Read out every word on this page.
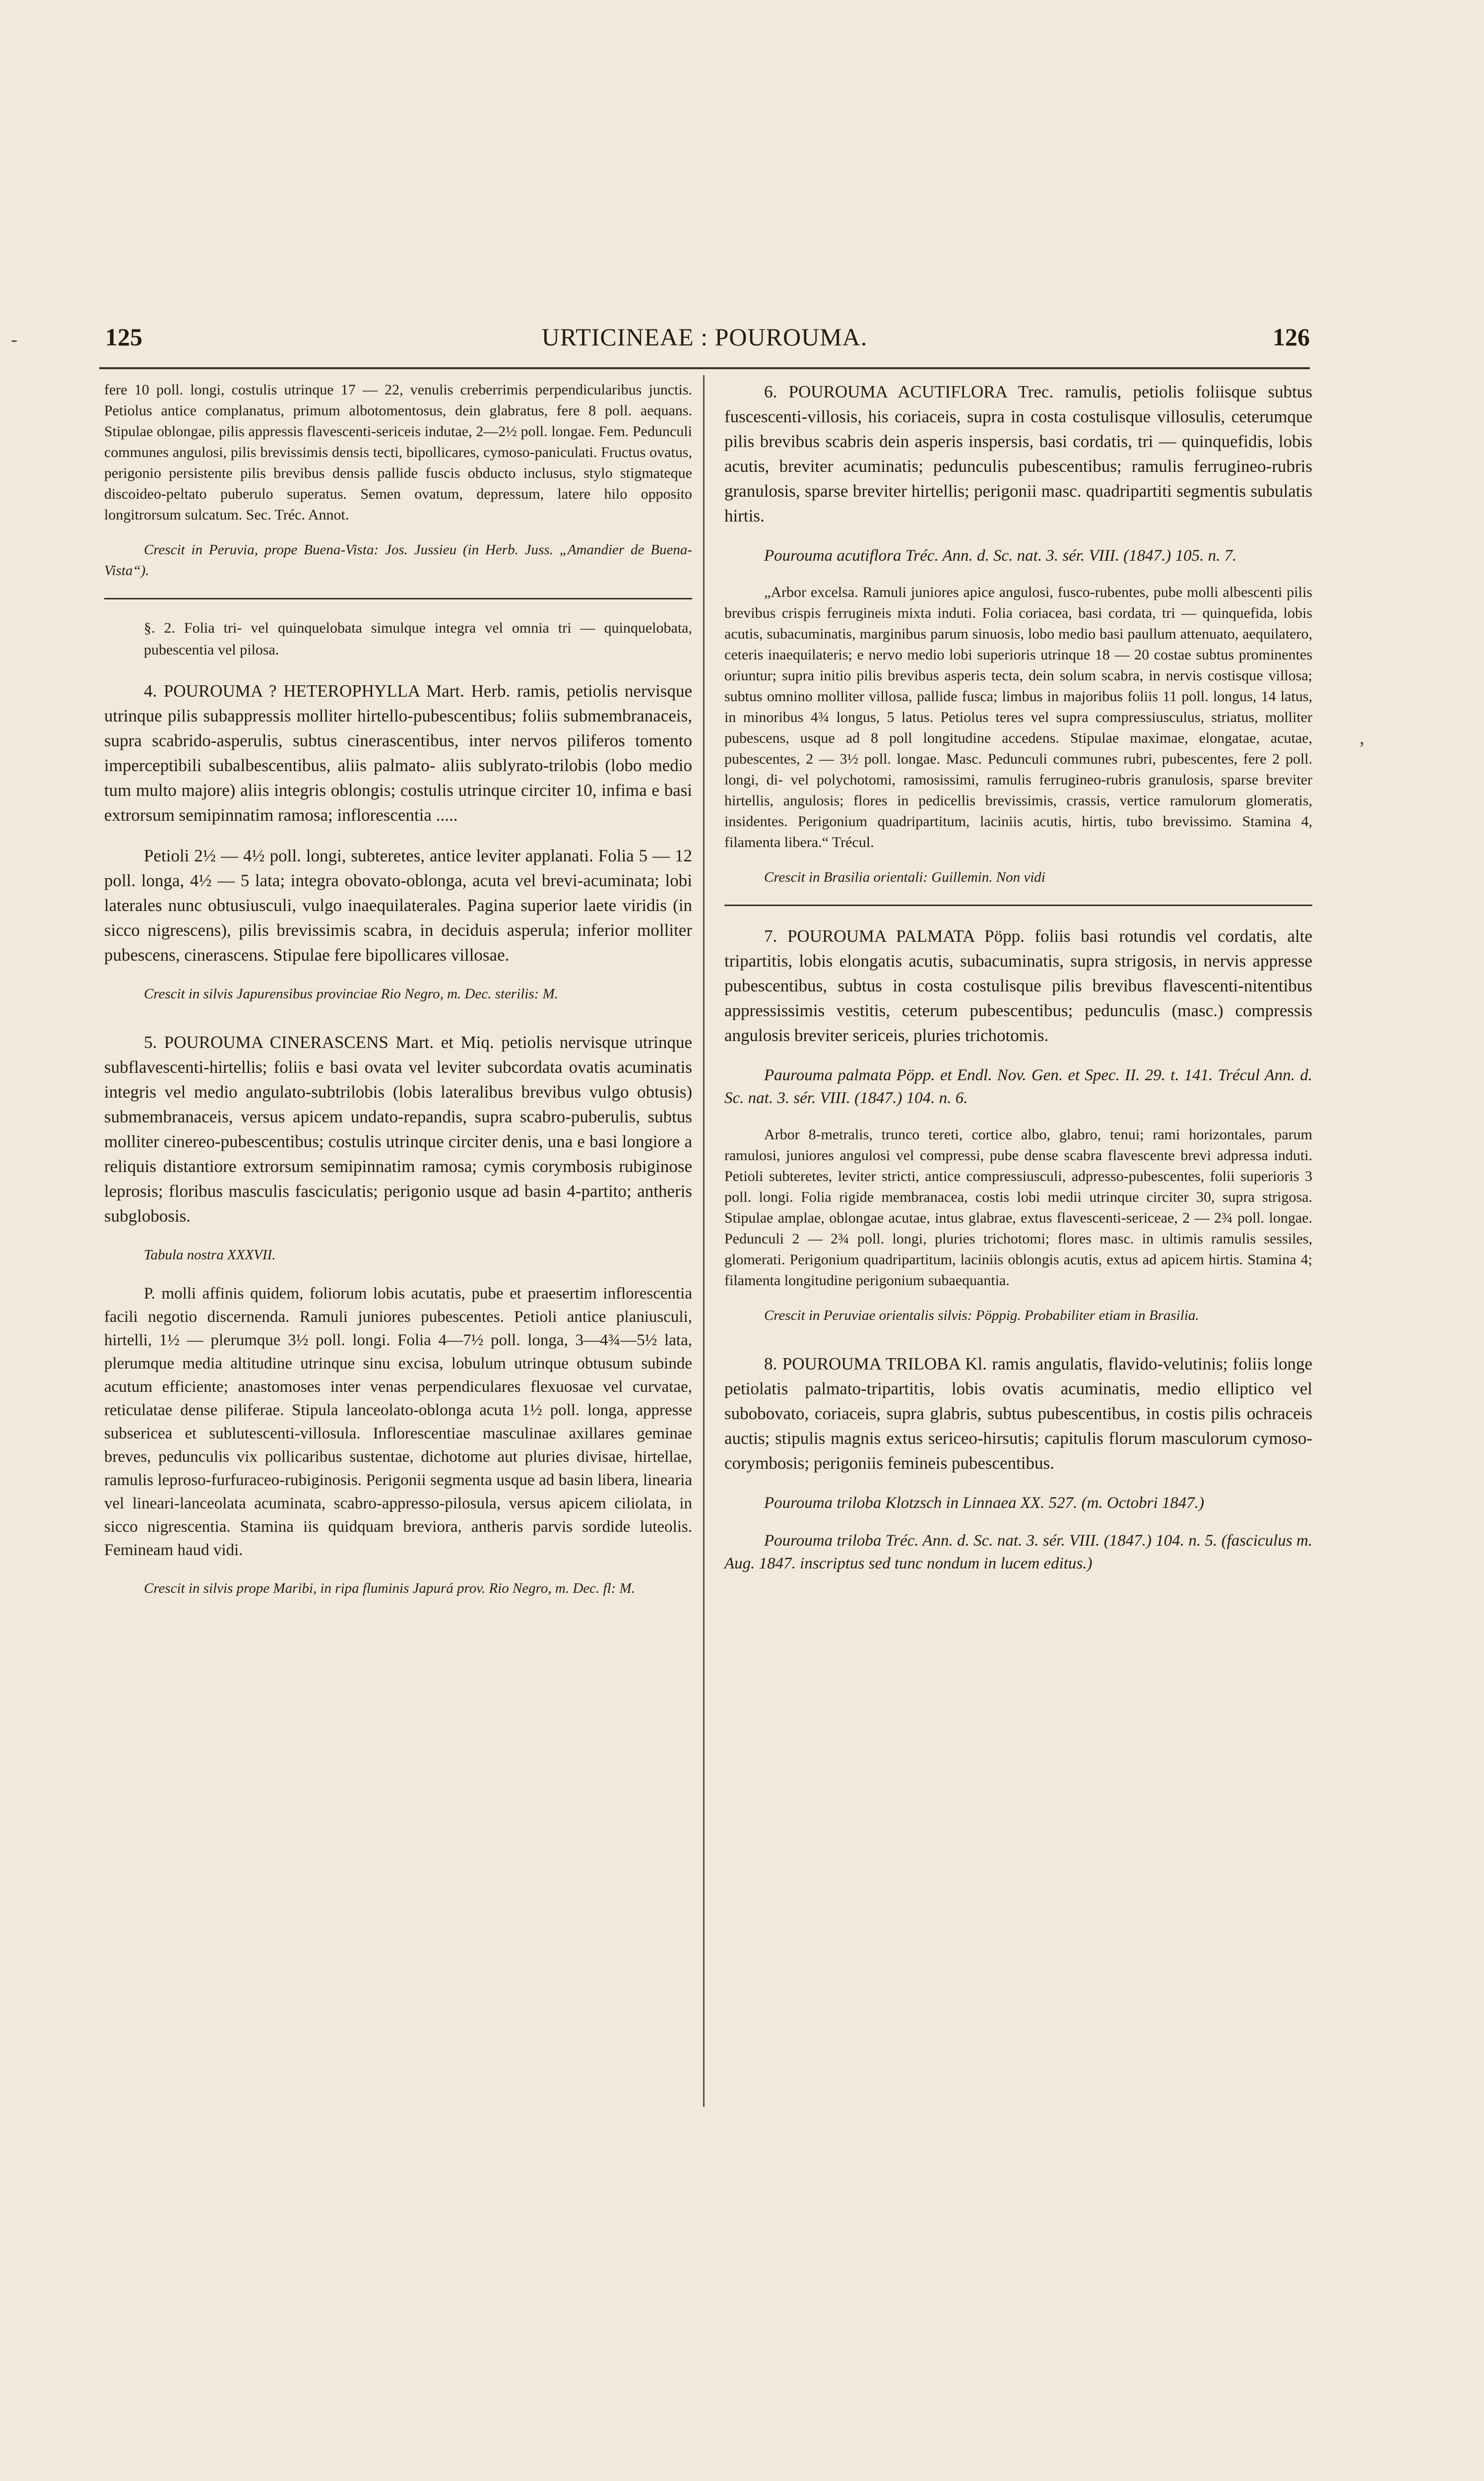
125	URTICINEAE : POUROUMA.	126
-
‚

fere 10 poll. longi, costulis utrinque 17 — 22, venulis creberrimis perpendicularibus junctis. Petiolus antice complanatus, primum albotomentosus, dein glabratus, fere 8 poll. aequans. Stipulae oblongae, pilis appressis flavescenti-sericeis indutae, 2—2½ poll. longae. Fem. Pedunculi communes angulosi, pilis brevissimis densis tecti, bipollicares, cymoso-paniculati. Fructus ovatus, perigonio persistente pilis brevibus densis pallide fuscis obducto inclusus, stylo stigmateque discoideo-peltato puberulo superatus. Semen ovatum, depressum, latere hilo opposito longitrorsum sulcatum. Sec. Tréc. Annot.

Crescit in Peruvia, prope Buena-Vista: Jos. Jussieu (in Herb. Juss. „Amandier de Buena-Vista“).

§. 2. Folia tri- vel quinquelobata simulque integra vel omnia tri — quinquelobata, pubescentia vel pilosa.

4. POUROUMA ? HETEROPHYLLA Mart. Herb. ramis, petiolis nervisque utrinque pilis subappressis molliter hirtello-pubescentibus; foliis submembranaceis, supra scabrido-asperulis, subtus cinerascentibus, inter nervos piliferos tomento imperceptibili subalbescentibus, aliis palmato- aliis sublyrato-trilobis (lobo medio tum multo majore) aliis integris oblongis; costulis utrinque circiter 10, infima e basi extrorsum semipinnatim ramosa; inflorescentia .....

Petioli 2½ — 4½ poll. longi, subteretes, antice leviter applanati. Folia 5 — 12 poll. longa, 4½ — 5 lata; integra obovato-oblonga, acuta vel brevi-acuminata; lobi laterales nunc obtusiusculi, vulgo inaequilaterales. Pagina superior laete viridis (in sicco nigrescens), pilis brevissimis scabra, in deciduis asperula; inferior molliter pubescens, cinerascens. Stipulae fere bipollicares villosae.

Crescit in silvis Japurensibus provinciae Rio Negro, m. Dec. sterilis: M.

5. POUROUMA CINERASCENS Mart. et Miq. petiolis nervisque utrinque subflavescenti-hirtellis; foliis e basi ovata vel leviter subcordata ovatis acuminatis integris vel medio angulato-subtrilobis (lobis lateralibus brevibus vulgo obtusis) submembranaceis, versus apicem undato-repandis, supra scabro-puberulis, subtus molliter cinereo-pubescentibus; costulis utrinque circiter denis, una e basi longiore a reliquis distantiore extrorsum semipinnatim ramosa; cymis corymbosis rubiginose leprosis; floribus masculis fasciculatis; perigonio usque ad basin 4-partito; antheris subglobosis.

Tabula nostra XXXVII.

P. molli affinis quidem, foliorum lobis acutatis, pube et praesertim inflorescentia facili negotio discernenda. Ramuli juniores pubescentes. Petioli antice planiusculi, hirtelli, 1½ — plerumque 3½ poll. longi. Folia 4—7½ poll. longa, 3—4¾—5½ lata, plerumque media altitudine utrinque sinu excisa, lobulum utrinque obtusum subinde acutum efficiente; anastomoses inter venas perpendiculares flexuosae vel curvatae, reticulatae dense piliferae. Stipula lanceolato-oblonga acuta 1½ poll. longa, appresse subsericea et sublutescenti-villosula. Inflorescentiae masculinae axillares geminae breves, pedunculis vix pollicaribus sustentae, dichotome aut pluries divisae, hirtellae, ramulis leproso-furfuraceo-rubiginosis. Perigonii segmenta usque ad basin libera, linearia vel lineari-lanceolata acuminata, scabro-appresso-pilosula, versus apicem ciliolata, in sicco nigrescentia. Stamina iis quidquam breviora, antheris parvis sordide luteolis. Femineam haud vidi.

Crescit in silvis prope Maribi, in ripa fluminis Japurá prov. Rio Negro, m. Dec. fl: M.

6. POUROUMA ACUTIFLORA Trec. ramulis, petiolis foliisque subtus fuscescenti-villosis, his coriaceis, supra in costa costulisque villosulis, ceterumque pilis brevibus scabris dein asperis inspersis, basi cordatis, tri — quinquefidis, lobis acutis, breviter acuminatis; pedunculis pubescentibus; ramulis ferrugineo-rubris granulosis, sparse breviter hirtellis; perigonii masc. quadripartiti segmentis subulatis hirtis.

Pourouma acutiflora Tréc. Ann. d. Sc. nat. 3. sér. VIII. (1847.) 105. n. 7.

„Arbor excelsa. Ramuli juniores apice angulosi, fusco-rubentes, pube molli albescenti pilis brevibus crispis ferrugineis mixta induti. Folia coriacea, basi cordata, tri — quinquefida, lobis acutis, subacuminatis, marginibus parum sinuosis, lobo medio basi paullum attenuato, aequilatero, ceteris inaequilateris; e nervo medio lobi superioris utrinque 18 — 20 costae subtus prominentes oriuntur; supra initio pilis brevibus asperis tecta, dein solum scabra, in nervis costisque villosa; subtus omnino molliter villosa, pallide fusca; limbus in majoribus foliis 11 poll. longus, 14 latus, in minoribus 4¾ longus, 5 latus. Petiolus teres vel supra compressiusculus, striatus, molliter pubescens, usque ad 8 poll longitudine accedens. Stipulae maximae, elongatae, acutae, pubescentes, 2 — 3½ poll. longae. Masc. Pedunculi communes rubri, pubescentes, fere 2 poll. longi, di- vel polychotomi, ramosissimi, ramulis ferrugineo-rubris granulosis, sparse breviter hirtellis, angulosis; flores in pedicellis brevissimis, crassis, vertice ramulorum glomeratis, insidentes. Perigonium quadripartitum, laciniis acutis, hirtis, tubo brevissimo. Stamina 4, filamenta libera.“ Trécul.

Crescit in Brasilia orientali: Guillemin. Non vidi

7. POUROUMA PALMATA Pöpp. foliis basi rotundis vel cordatis, alte tripartitis, lobis elongatis acutis, subacuminatis, supra strigosis, in nervis appresse pubescentibus, subtus in costa costulisque pilis brevibus flavescenti-nitentibus appressissimis vestitis, ceterum pubescentibus; pedunculis (masc.) compressis angulosis breviter sericeis, pluries trichotomis.

Paurouma palmata Pöpp. et Endl. Nov. Gen. et Spec. II. 29. t. 141. Trécul Ann. d. Sc. nat. 3. sér. VIII. (1847.) 104. n. 6.

Arbor 8-metralis, trunco tereti, cortice albo, glabro, tenui; rami horizontales, parum ramulosi, juniores angulosi vel compressi, pube dense scabra flavescente brevi adpressa induti. Petioli subteretes, leviter stricti, antice compressiusculi, adpresso-pubescentes, folii superioris 3 poll. longi. Folia rigide membranacea, costis lobi medii utrinque circiter 30, supra strigosa. Stipulae amplae, oblongae acutae, intus glabrae, extus flavescenti-sericeae, 2 — 2¾ poll. longae. Pedunculi 2 — 2¾ poll. longi, pluries trichotomi; flores masc. in ultimis ramulis sessiles, glomerati. Perigonium quadripartitum, laciniis oblongis acutis, extus ad apicem hirtis. Stamina 4; filamenta longitudine perigonium subaequantia.

Crescit in Peruviae orientalis silvis: Pöppig. Probabiliter etiam in Brasilia.

8. POUROUMA TRILOBA Kl. ramis angulatis, flavido-velutinis; foliis longe petiolatis palmato-tripartitis, lobis ovatis acuminatis, medio elliptico vel subobovato, coriaceis, supra glabris, subtus pubescentibus, in costis pilis ochraceis auctis; stipulis magnis extus sericeo-hirsutis; capitulis florum masculorum cymoso-corymbosis; perigoniis femineis pubescentibus.

Pourouma triloba Klotzsch in Linnaea XX. 527. (m. Octobri 1847.)

Pourouma triloba Tréc. Ann. d. Sc. nat. 3. sér. VIII. (1847.) 104. n. 5. (fasciculus m. Aug. 1847. inscriptus sed tunc nondum in lucem editus.)
